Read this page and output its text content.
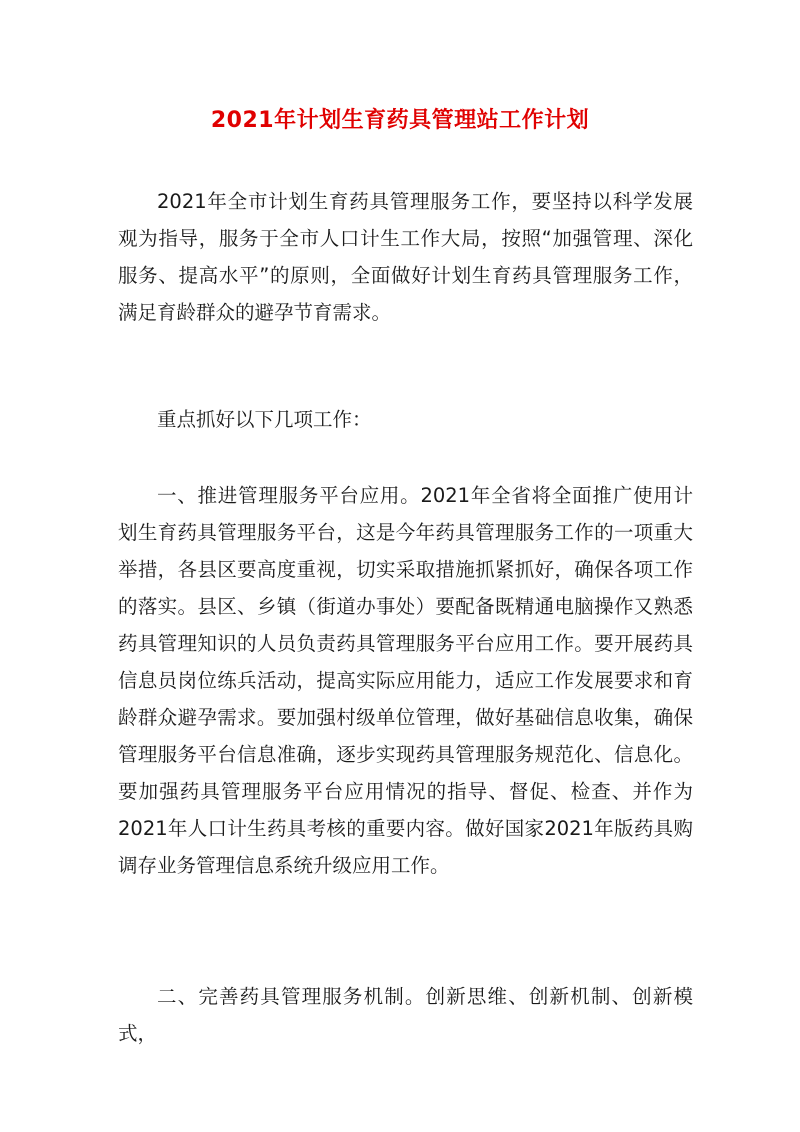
2021年计划生育药具管理站工作计划

2021年全市计划生育药具管理服务工作，要坚持以科学发展观为指导，服务于全市人口计生工作大局，按照“加强管理、深化服务、提高水平”的原则，全面做好计划生育药具管理服务工作，满足育龄群众的避孕节育需求。

重点抓好以下几项工作：

一、推进管理服务平台应用。2021年全省将全面推广使用计划生育药具管理服务平台，这是今年药具管理服务工作的一项重大举措，各县区要高度重视，切实采取措施抓紧抓好，确保各项工作的落实。县区、乡镇（街道办事处）要配备既精通电脑操作又熟悉药具管理知识的人员负责药具管理服务平台应用工作。要开展药具信息员岗位练兵活动，提高实际应用能力，适应工作发展要求和育龄群众避孕需求。要加强村级单位管理，做好基础信息收集，确保管理服务平台信息准确，逐步实现药具管理服务规范化、信息化。要加强药具管理服务平台应用情况的指导、督促、检查、并作为2021年人口计生药具考核的重要内容。做好国家2021年版药具购调存业务管理信息系统升级应用工作。

二、完善药具管理服务机制。创新思维、创新机制、创新模式，
